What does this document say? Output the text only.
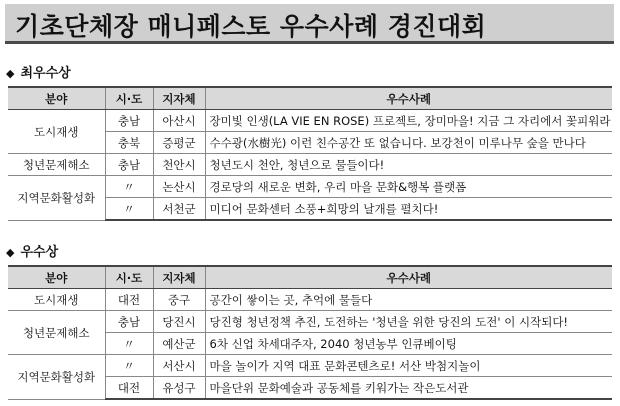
기초단체장 매니페스토 우수사례 경진대회
◆ 최우수상
분야	시·도	지자체	우수사례
도시재생	충남	아산시	장미빛 인생(LA VIE EN ROSE) 프로젝트, 장미마을! 지금 그 자리에서 꽃피워라
	충북	증평군	수수광(水樹光) 이런 친수공간 또 없습니다. 보강천이 미루나무 숲을 만나다
청년문제해소	충남	천안시	청년도시 천안, 청년으로 물들이다!
지역문화활성화	〃	논산시	경로당의 새로운 변화, 우리 마을 문화&행복 플랫폼
	〃	서천군	미디어 문화센터 소풍+희망의 날개를 펼치다!
◆ 우수상
분야	시·도	지자체	우수사례
도시재생	대전	중구	공간이 쌓이는 곳, 추억에 물들다
청년문제해소	충남	당진시	당진형 청년정책 추진, 도전하는 '청년을 위한 당진의 도전' 이 시작되다!
	〃	예산군	6차 신업 차세대주자, 2040 청년농부 인큐베이팅
지역문화활성화	〃	서산시	마을 놀이가 지역 대표 문화콘텐츠로! 서산 박첨지놀이
	대전	유성구	마을단위 문화예술과 공동체를 키워가는 작은도서관
